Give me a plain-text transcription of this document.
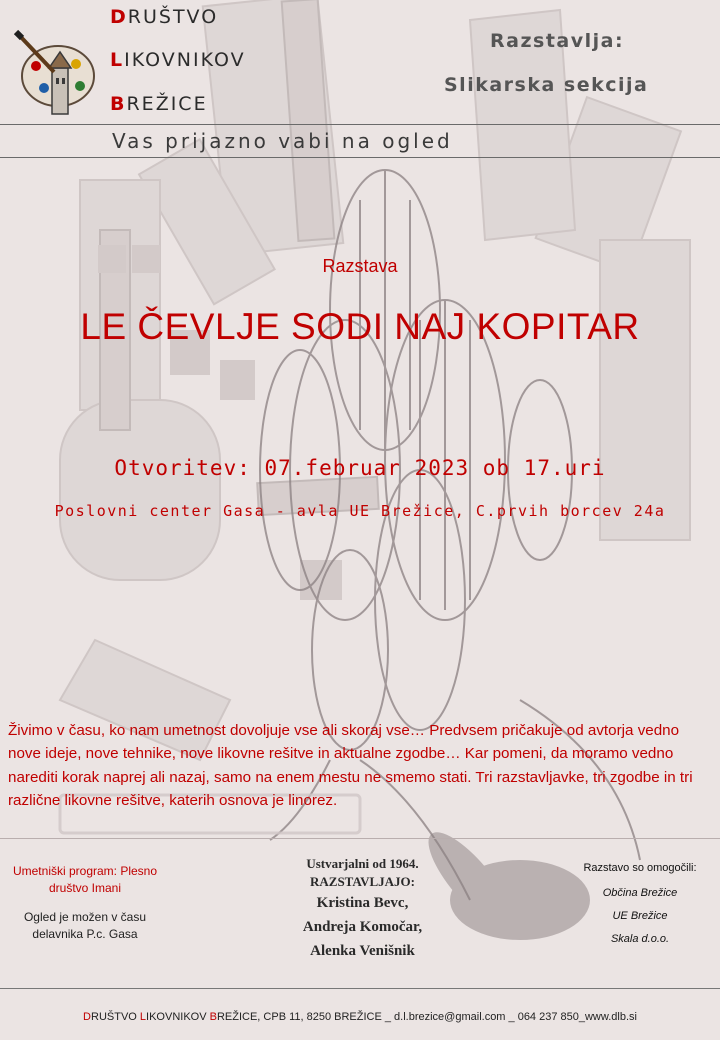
DRUŠTVO
LIKOVNIKOV
BREŽICE
Razstavlja:
Slikarska sekcija
Vas prijazno vabi na ogled
Razstava
LE ČEVLJE SODI NAJ KOPITAR
Otvoritev: 07.februar 2023 ob 17.uri
Poslovni center Gasa - avla UE Brežice, C.prvih borcev 24a
Živimo v času, ko nam umetnost dovoljuje vse ali skoraj vse… Predvsem pričakuje od avtorja vedno nove ideje, nove tehnike, nove likovne rešitve in aktualne zgodbe… Kar pomeni, da moramo vedno narediti korak naprej ali nazaj, samo na enem mestu ne smemo stati. Tri razstavljavke, tri zgodbe in tri različne likovne rešitve, katerih osnova je linorez.
Umetniški program: Plesno društvo Imani
Ogled je možen v času delavnika P.c. Gasa
Ustvarjalni od 1964.
RAZSTAVLJAJO:
Kristina Bevc,
Andreja Komočar,
Alenka Venišnik
Razstavo so omogočili:
Občina Brežice
UE Brežice
Skala d.o.o.
DRUŠTVO LIKOVNIKOV BREŽICE, CPB 11, 8250 BREŽICE _ d.l.brezice@gmail.com _ 064 237 850_www.dlb.si
